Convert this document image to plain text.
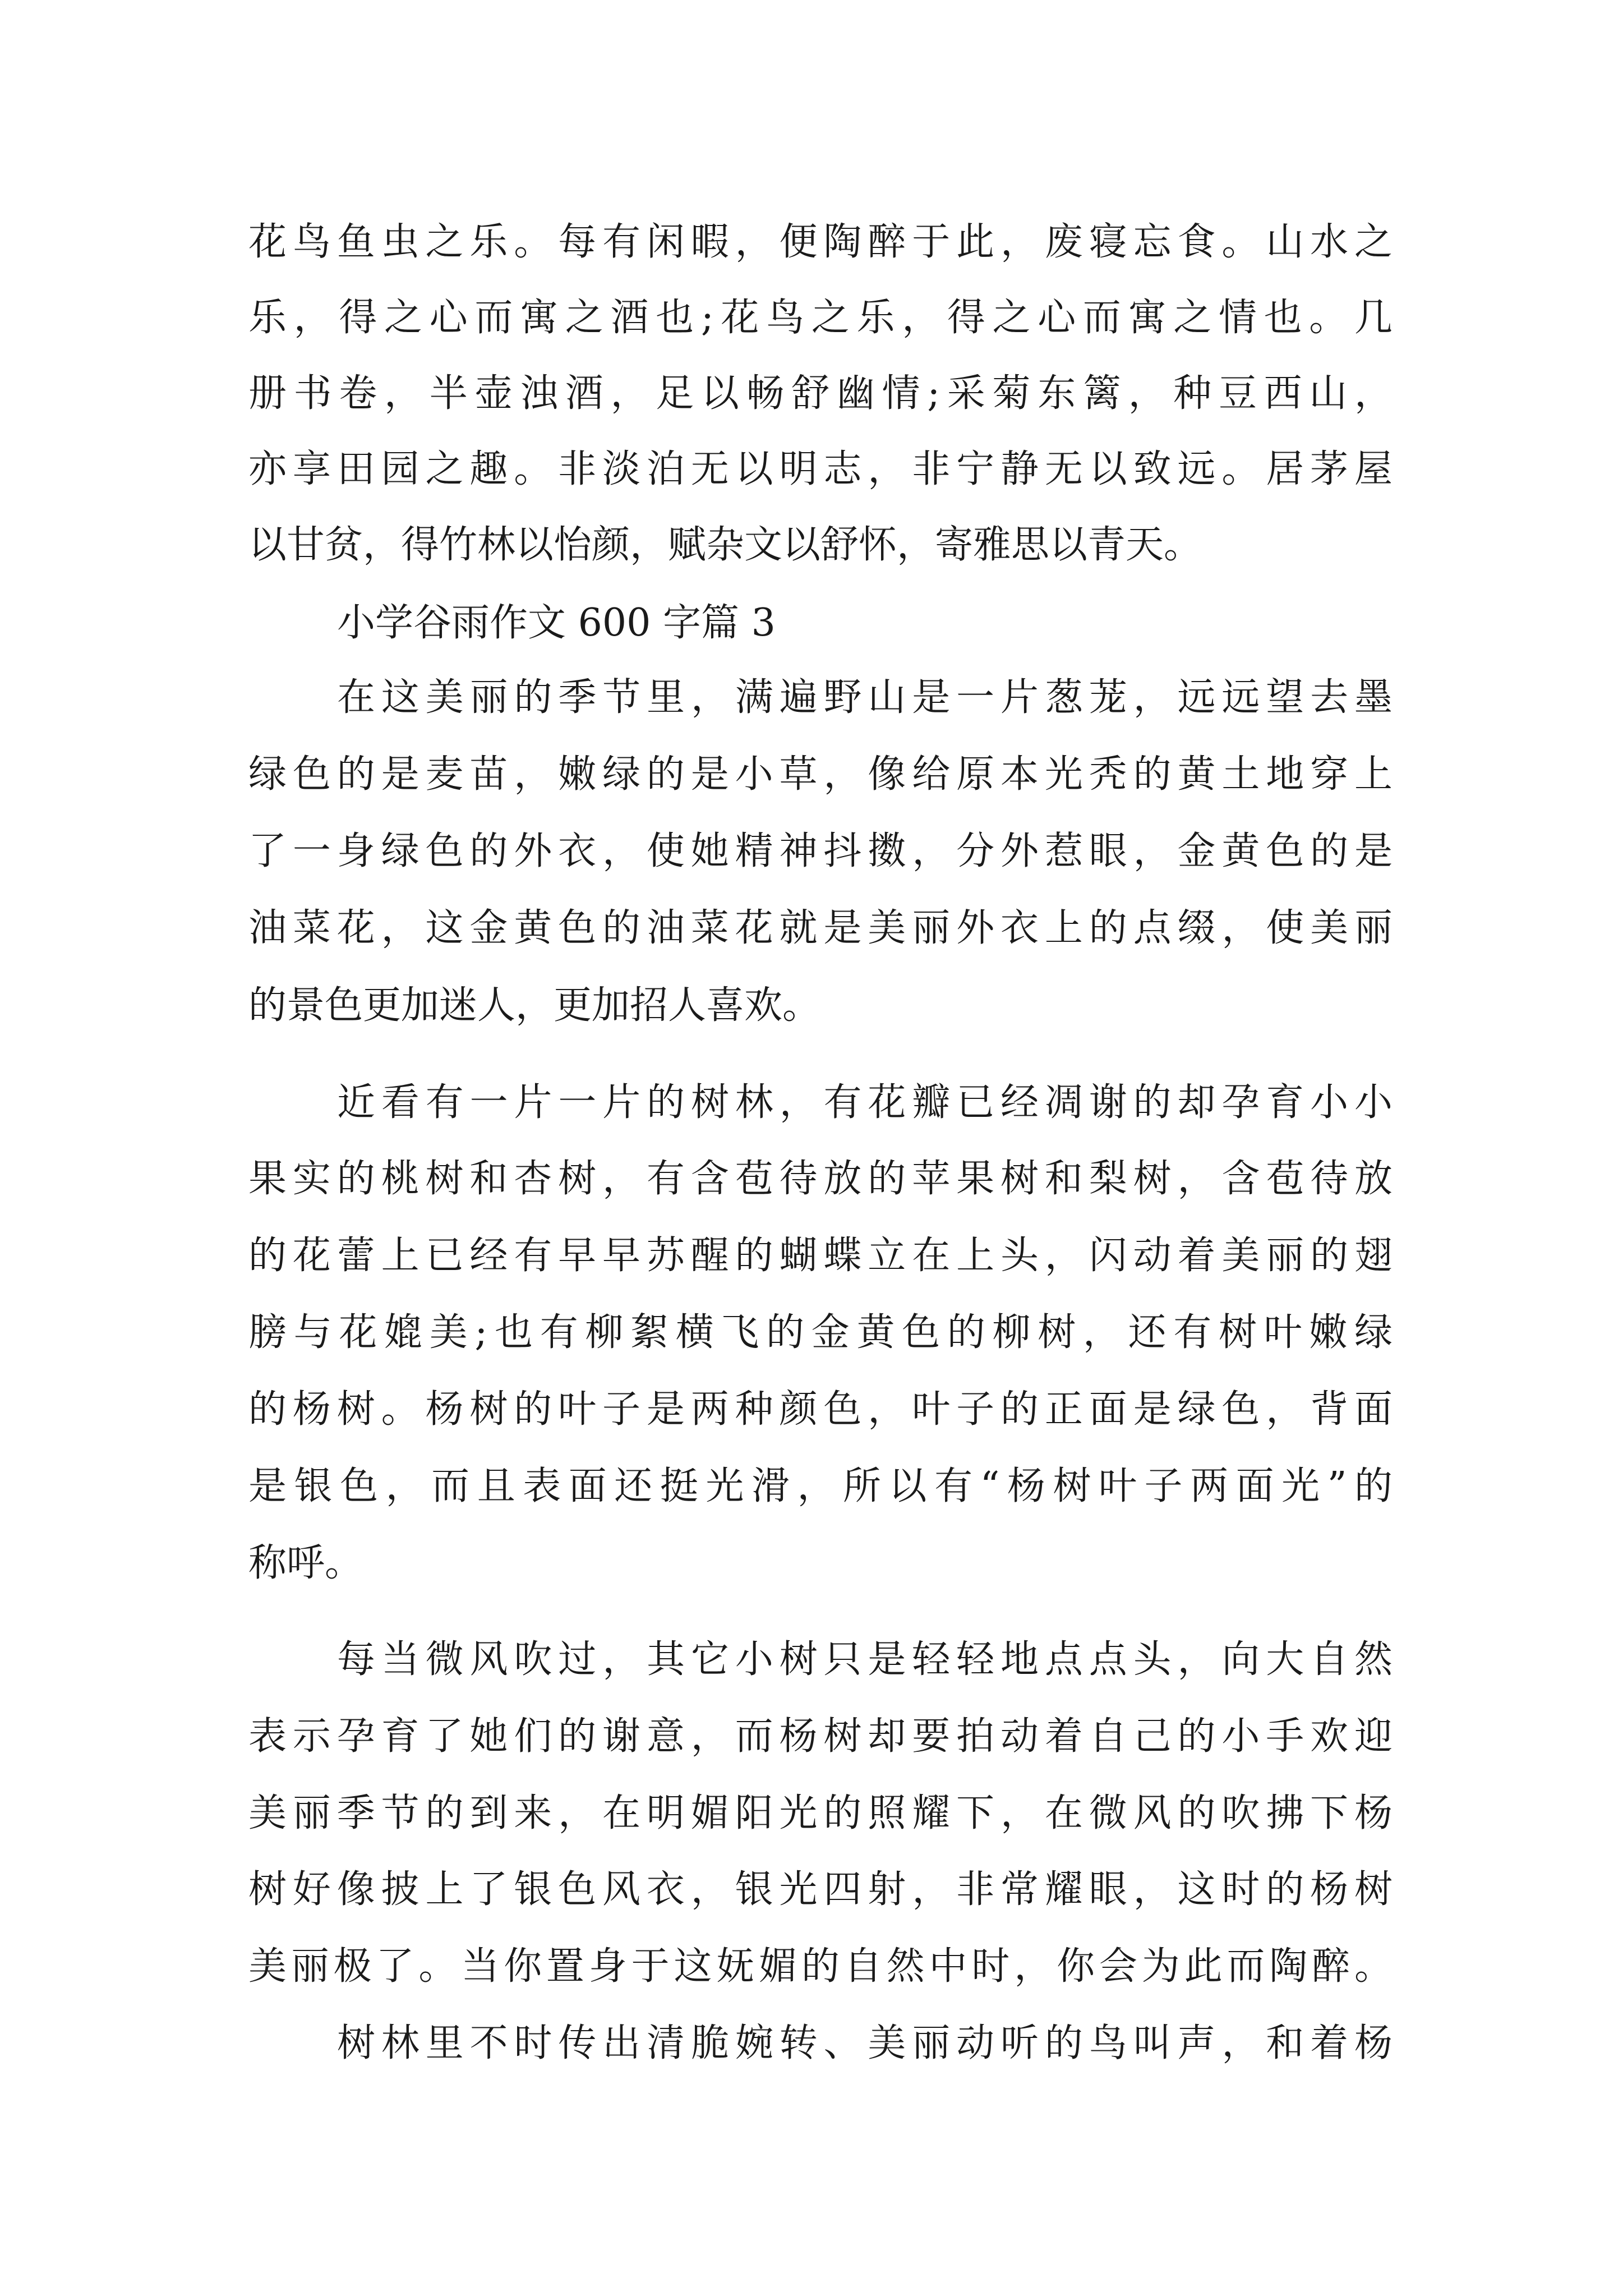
花鸟鱼虫之乐。每有闲暇，便陶醉于此，废寝忘食。山水之

乐，得之心而寓之酒也;花鸟之乐，得之心而寓之情也。几

册书卷，半壶浊酒，足以畅舒幽情;采菊东篱，种豆西山，

亦享田园之趣。非淡泊无以明志，非宁静无以致远。居茅屋

以甘贫，得竹林以怡颜，赋杂文以舒怀，寄雅思以青天。

小学谷雨作文 600 字篇 3

在这美丽的季节里，满遍野山是一片葱茏，远远望去墨

绿色的是麦苗，嫩绿的是小草，像给原本光秃的黄土地穿上

了一身绿色的外衣，使她精神抖擞，分外惹眼，金黄色的是

油菜花，这金黄色的油菜花就是美丽外衣上的点缀，使美丽

的景色更加迷人，更加招人喜欢。

近看有一片一片的树林，有花瓣已经凋谢的却孕育小小

果实的桃树和杏树，有含苞待放的苹果树和梨树，含苞待放

的花蕾上已经有早早苏醒的蝴蝶立在上头，闪动着美丽的翅

膀与花媲美;也有柳絮横飞的金黄色的柳树，还有树叶嫩绿

的杨树。杨树的叶子是两种颜色，叶子的正面是绿色，背面

是银色，而且表面还挺光滑，所以有“杨树叶子两面光”的

称呼。

每当微风吹过，其它小树只是轻轻地点点头，向大自然

表示孕育了她们的谢意，而杨树却要拍动着自己的小手欢迎

美丽季节的到来，在明媚阳光的照耀下，在微风的吹拂下杨

树好像披上了银色风衣，银光四射，非常耀眼，这时的杨树

美丽极了。当你置身于这妩媚的自然中时，你会为此而陶醉。

树林里不时传出清脆婉转、美丽动听的鸟叫声，和着杨
